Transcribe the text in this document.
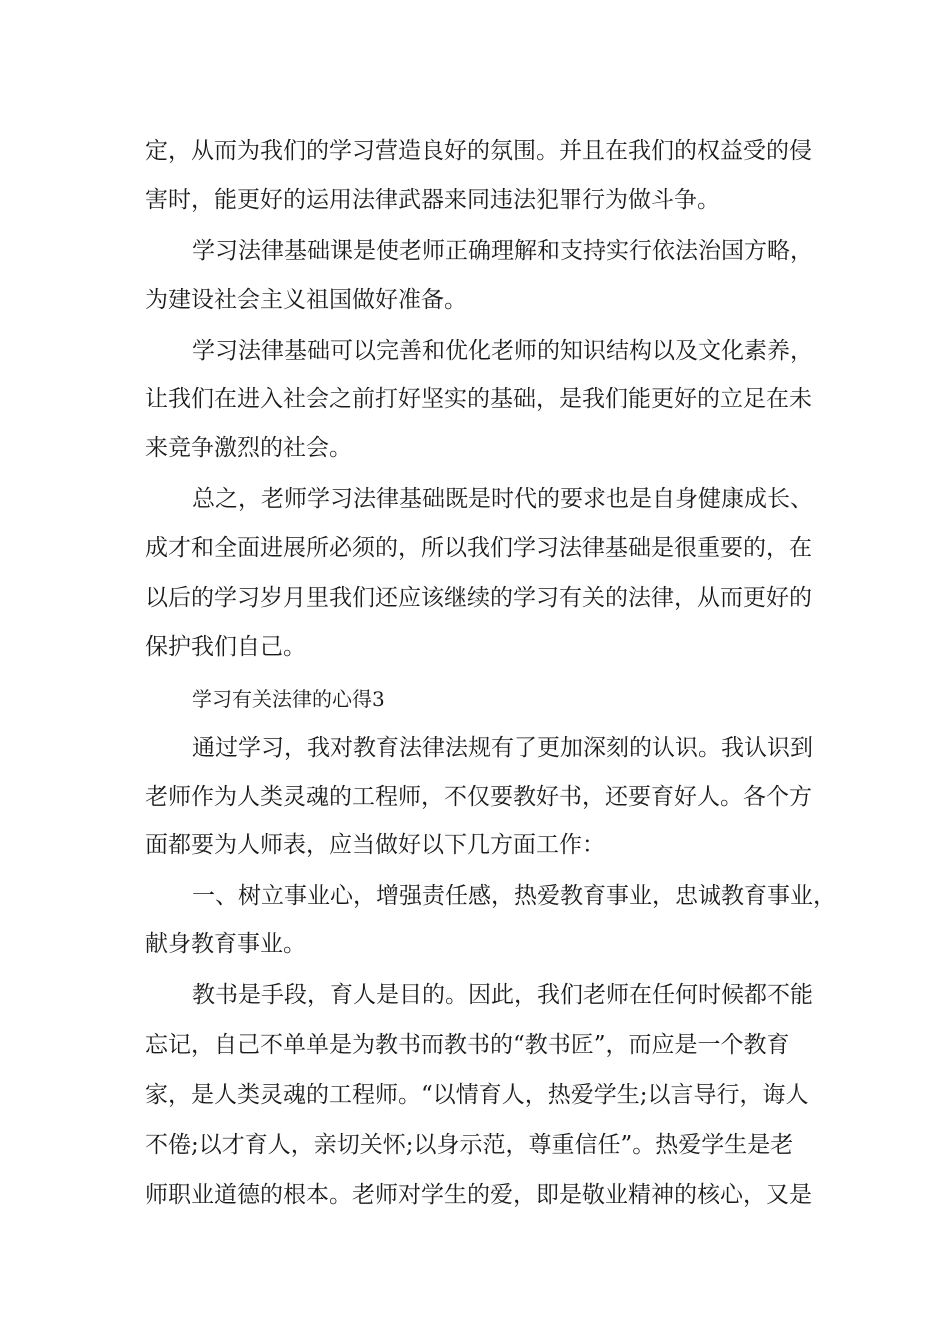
定，从而为我们的学习营造良好的氛围。并且在我们的权益受的侵
害时，能更好的运用法律武器来同违法犯罪行为做斗争。
学习法律基础课是使老师正确理解和支持实行依法治国方略，
为建设社会主义祖国做好准备。
学习法律基础可以完善和优化老师的知识结构以及文化素养，
让我们在进入社会之前打好坚实的基础，是我们能更好的立足在未
来竞争激烈的社会。
总之，老师学习法律基础既是时代的要求也是自身健康成长、
成才和全面进展所必须的，所以我们学习法律基础是很重要的，在
以后的学习岁月里我们还应该继续的学习有关的法律，从而更好的
保护我们自己。
学习有关法律的心得3
通过学习，我对教育法律法规有了更加深刻的认识。我认识到
老师作为人类灵魂的工程师，不仅要教好书，还要育好人。各个方
面都要为人师表，应当做好以下几方面工作：
一、树立事业心，增强责任感，热爱教育事业，忠诚教育事业，
献身教育事业。
教书是手段，育人是目的。因此，我们老师在任何时候都不能
忘记，自己不单单是为教书而教书的“教书匠”，而应是一个教育
家，是人类灵魂的工程师。“以情育人，热爱学生;以言导行，诲人
不倦;以才育人，亲切关怀;以身示范，尊重信任”。热爱学生是老
师职业道德的根本。老师对学生的爱，即是敬业精神的核心，又是
